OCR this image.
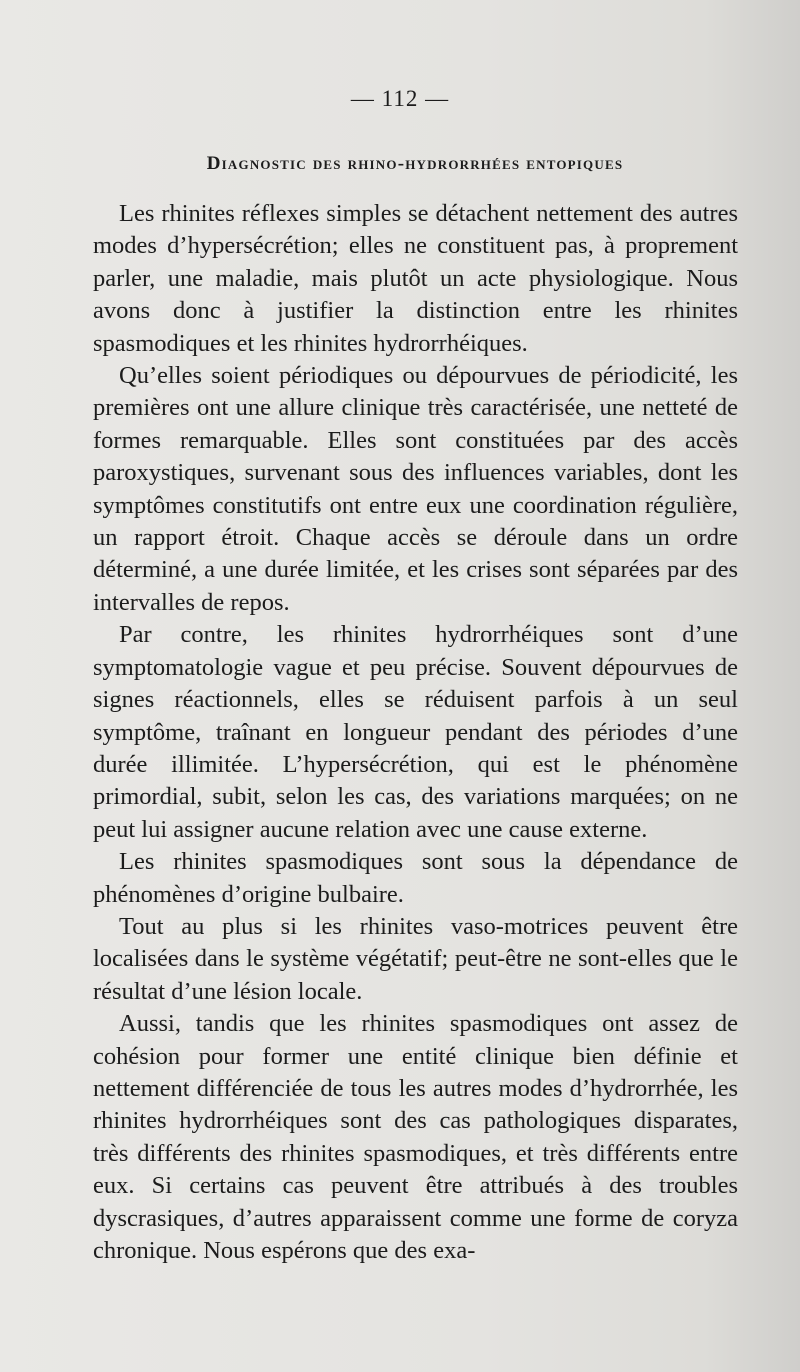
— 112 —
Diagnostic des rhino-hydrorrhées entopiques

Les rhinites réflexes simples se détachent nettement des autres modes d’hypersécrétion; elles ne constituent pas, à proprement parler, une maladie, mais plutôt un acte physiologique. Nous avons donc à justifier la distinction entre les rhinites spasmodiques et les rhinites hydrorrhéiques.

Qu’elles soient périodiques ou dépourvues de périodicité, les premières ont une allure clinique très caractérisée, une netteté de formes remarquable. Elles sont constituées par des accès paroxystiques, survenant sous des influences variables, dont les symptômes constitutifs ont entre eux une coordination régulière, un rapport étroit. Chaque accès se déroule dans un ordre déterminé, a une durée limitée, et les crises sont séparées par des intervalles de repos.

Par contre, les rhinites hydrorrhéiques sont d’une symptomatologie vague et peu précise. Souvent dépourvues de signes réactionnels, elles se réduisent parfois à un seul symptôme, traînant en longueur pendant des périodes d’une durée illimitée. L’hypersécrétion, qui est le phénomène primordial, subit, selon les cas, des variations marquées; on ne peut lui assigner aucune relation avec une cause externe.

Les rhinites spasmodiques sont sous la dépendance de phénomènes d’origine bulbaire.

Tout au plus si les rhinites vaso-motrices peuvent être localisées dans le système végétatif; peut-être ne sont-elles que le résultat d’une lésion locale.

Aussi, tandis que les rhinites spasmodiques ont assez de cohésion pour former une entité clinique bien définie et nettement différenciée de tous les autres modes d’hydrorrhée, les rhinites hydrorrhéiques sont des cas pathologiques disparates, très différents des rhinites spasmodiques, et très différents entre eux. Si certains cas peuvent être attribués à des troubles dyscrasiques, d’autres apparaissent comme une forme de coryza chronique. Nous espérons que des exa-
